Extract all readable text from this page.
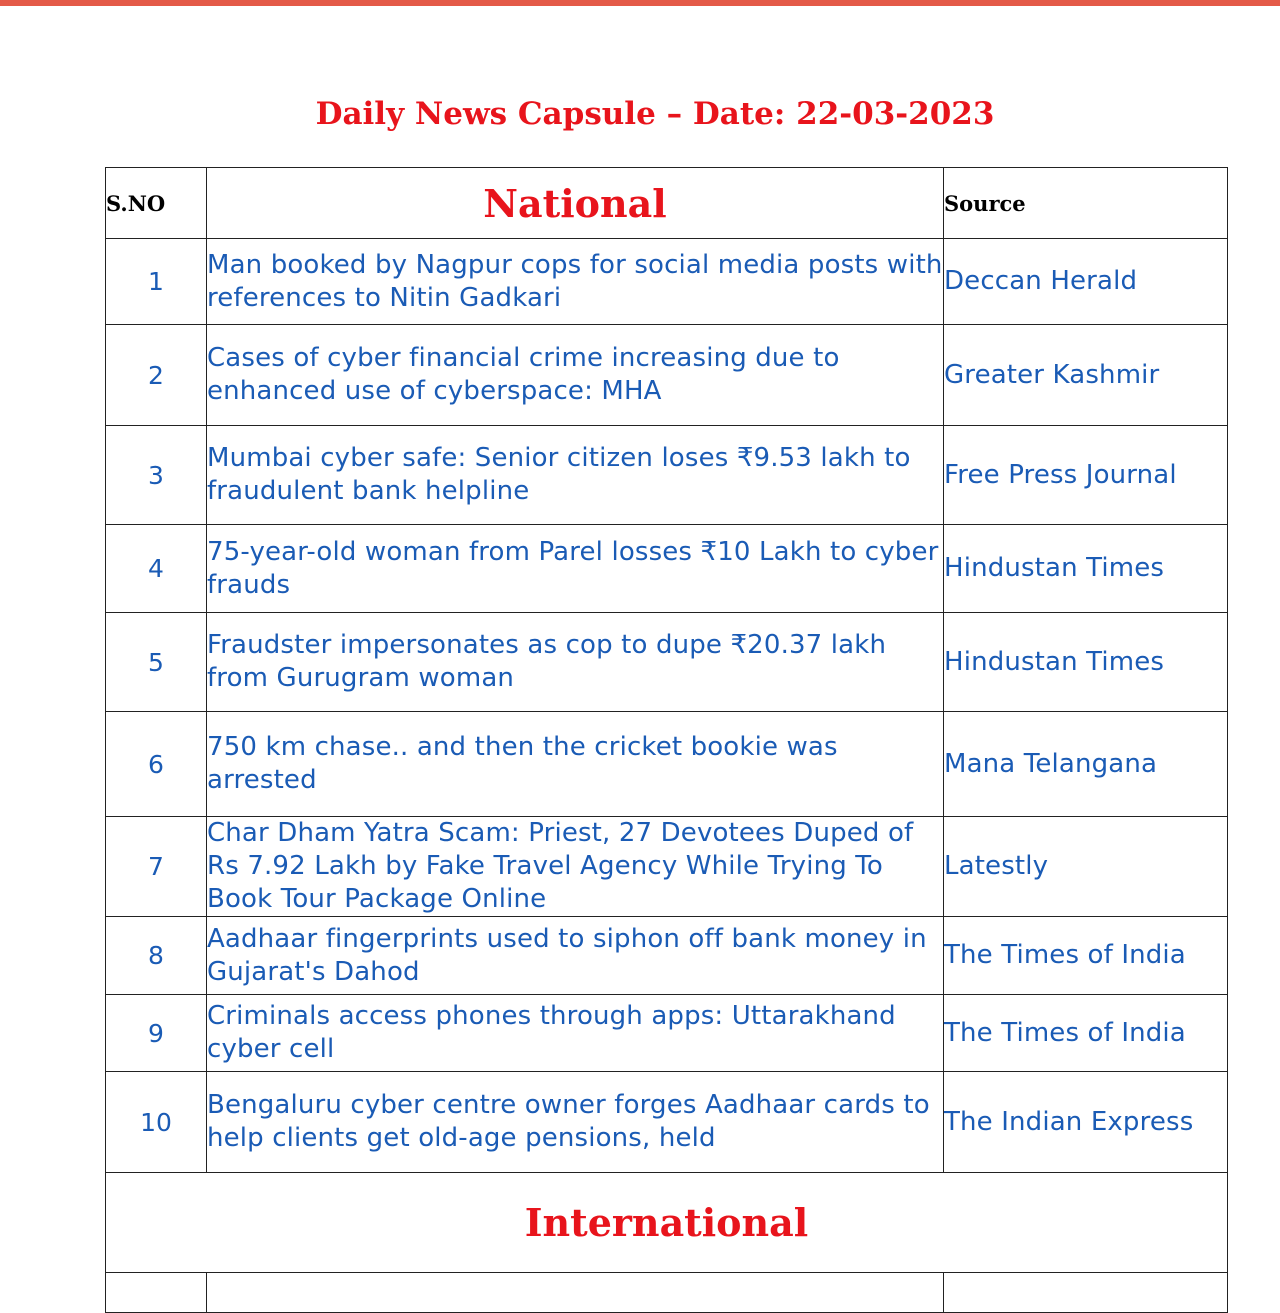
Daily News Capsule – Date: 22-03-2023
S.NO	National	Source
1	Man booked by Nagpur cops for social media posts with references to Nitin Gadkari	Deccan Herald
2	Cases of cyber financial crime increasing due to enhanced use of cyberspace: MHA	Greater Kashmir
3	Mumbai cyber safe: Senior citizen loses ₹9.53 lakh to fraudulent bank helpline	Free Press Journal
4	75-year-old woman from Parel losses ₹10 Lakh to cyber frauds	Hindustan Times
5	Fraudster impersonates as cop to dupe ₹20.37 lakh from Gurugram woman	Hindustan Times
6	750 km chase.. and then the cricket bookie was arrested	Mana Telangana
7	Char Dham Yatra Scam: Priest, 27 Devotees Duped of Rs 7.92 Lakh by Fake Travel Agency While Trying To Book Tour Package Online	Latestly
8	Aadhaar fingerprints used to siphon off bank money in Gujarat's Dahod	The Times of India
9	Criminals access phones through apps: Uttarakhand cyber cell	The Times of India
10	Bengaluru cyber centre owner forges Aadhaar cards to help clients get old-age pensions, held	The Indian Express
International		
